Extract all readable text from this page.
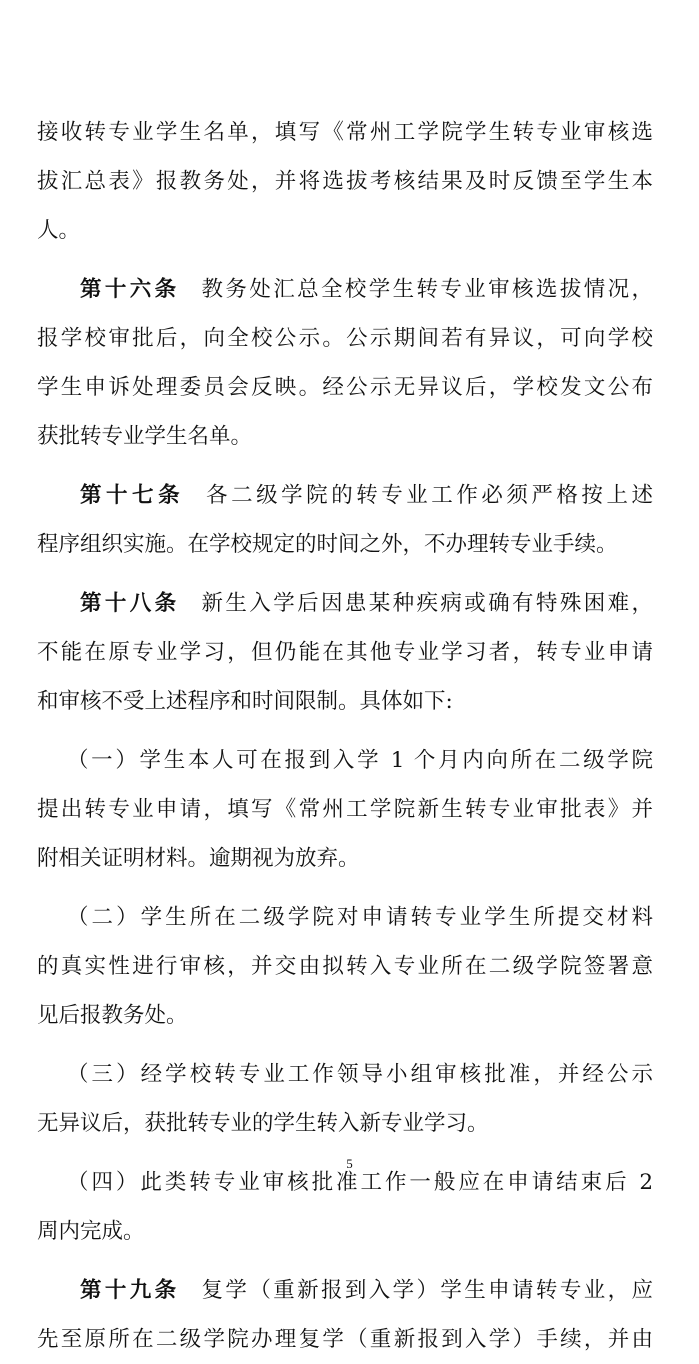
接收转专业学生名单，填写《常州工学院学生转专业审核选
拔汇总表》报教务处，并将选拔考核结果及时反馈至学生本
人。
第十六条 教务处汇总全校学生转专业审核选拔情况，
报学校审批后，向全校公示。公示期间若有异议，可向学校
学生申诉处理委员会反映。经公示无异议后，学校发文公布
获批转专业学生名单。
第十七条 各二级学院的转专业工作必须严格按上述
程序组织实施。在学校规定的时间之外，不办理转专业手续。
第十八条 新生入学后因患某种疾病或确有特殊困难，
不能在原专业学习，但仍能在其他专业学习者，转专业申请
和审核不受上述程序和时间限制。具体如下:
（一）学生本人可在报到入学 1 个月内向所在二级学院
提出转专业申请，填写《常州工学院新生转专业审批表》并
附相关证明材料。逾期视为放弃。
（二）学生所在二级学院对申请转专业学生所提交材料
的真实性进行审核，并交由拟转入专业所在二级学院签署意
见后报教务处。
（三）经学校转专业工作领导小组审核批准，并经公示
无异议后，获批转专业的学生转入新专业学习。
（四）此类转专业审核批准工作一般应在申请结束后 2
周内完成。
第十九条 复学（重新报到入学）学生申请转专业，应
先至原所在二级学院办理复学（重新报到入学）手续，并由
5
